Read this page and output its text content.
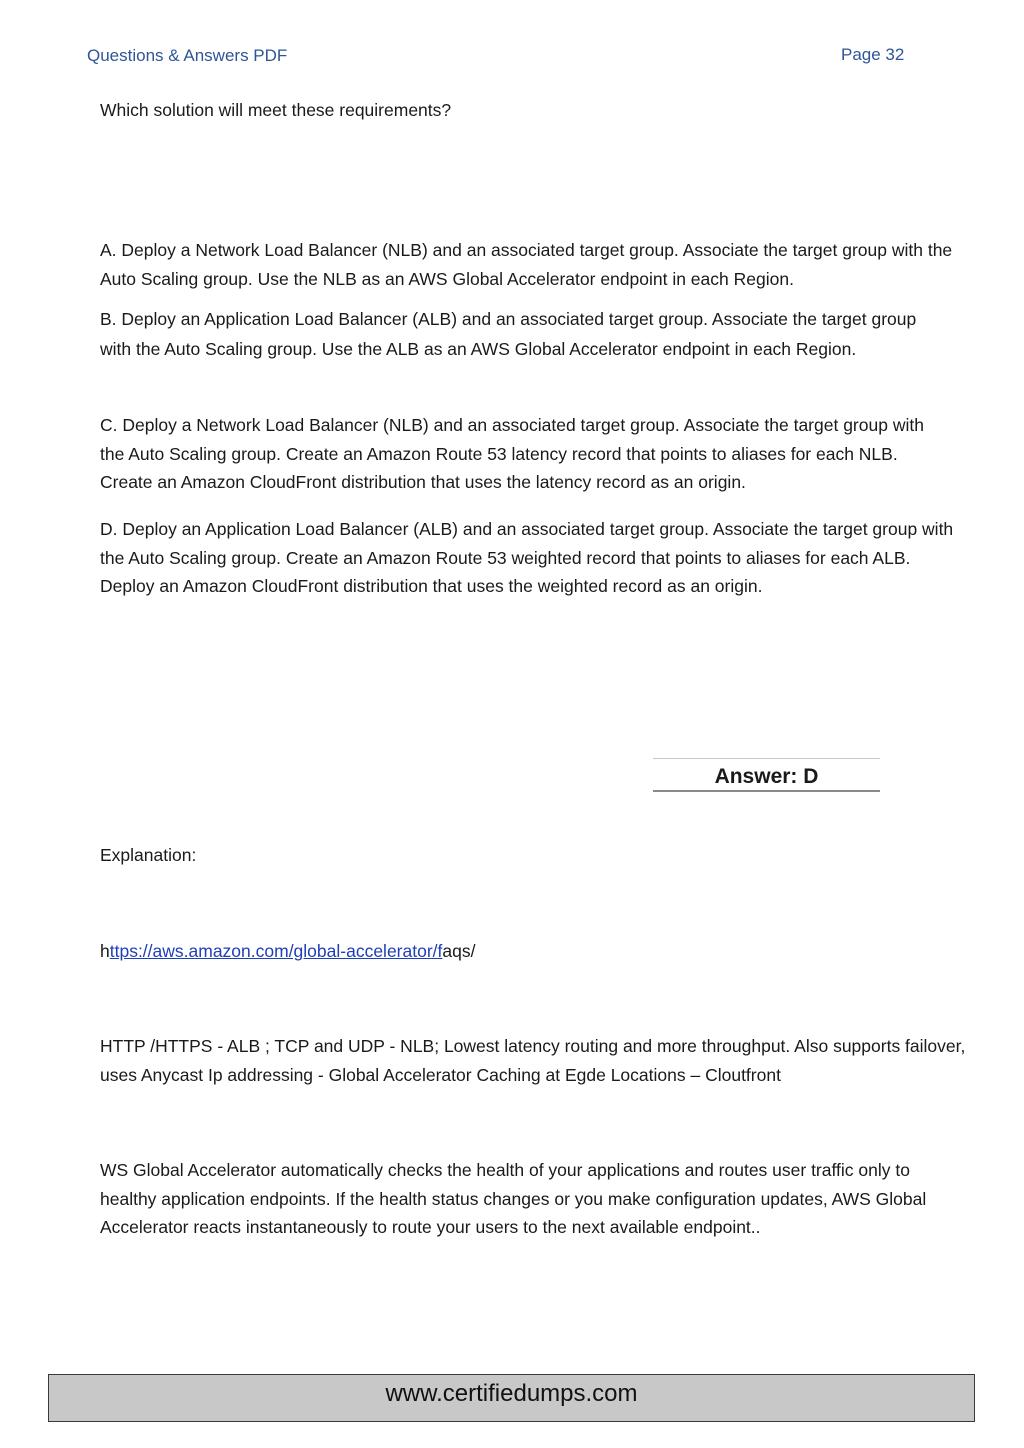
Questions & Answers PDF	Page 32
Which solution will meet these requirements?
A. Deploy a Network Load Balancer (NLB) and an associated target group. Associate the target group with the Auto Scaling group. Use the NLB as an AWS Global Accelerator endpoint in each Region.
B. Deploy an Application Load Balancer (ALB) and an associated target group. Associate the target group with the Auto Scaling group. Use the ALB as an AWS Global Accelerator endpoint in each Region.
C. Deploy a Network Load Balancer (NLB) and an associated target group. Associate the target group with the Auto Scaling group. Create an Amazon Route 53 latency record that points to aliases for each NLB. Create an Amazon CloudFront distribution that uses the latency record as an origin.
D. Deploy an Application Load Balancer (ALB) and an associated target group. Associate the target group with the Auto Scaling group. Create an Amazon Route 53 weighted record that points to aliases for each ALB. Deploy an Amazon CloudFront distribution that uses the weighted record as an origin.
Answer: D
Explanation:
https://aws.amazon.com/global-accelerator/faqs/
HTTP /HTTPS - ALB ; TCP and UDP - NLB; Lowest latency routing and more throughput. Also supports failover, uses Anycast Ip addressing - Global Accelerator Caching at Egde Locations – Cloutfront
WS Global Accelerator automatically checks the health of your applications and routes user traffic only to healthy application endpoints. If the health status changes or you make configuration updates, AWS Global Accelerator reacts instantaneously to route your users to the next available endpoint..
www.certifiedumps.com
